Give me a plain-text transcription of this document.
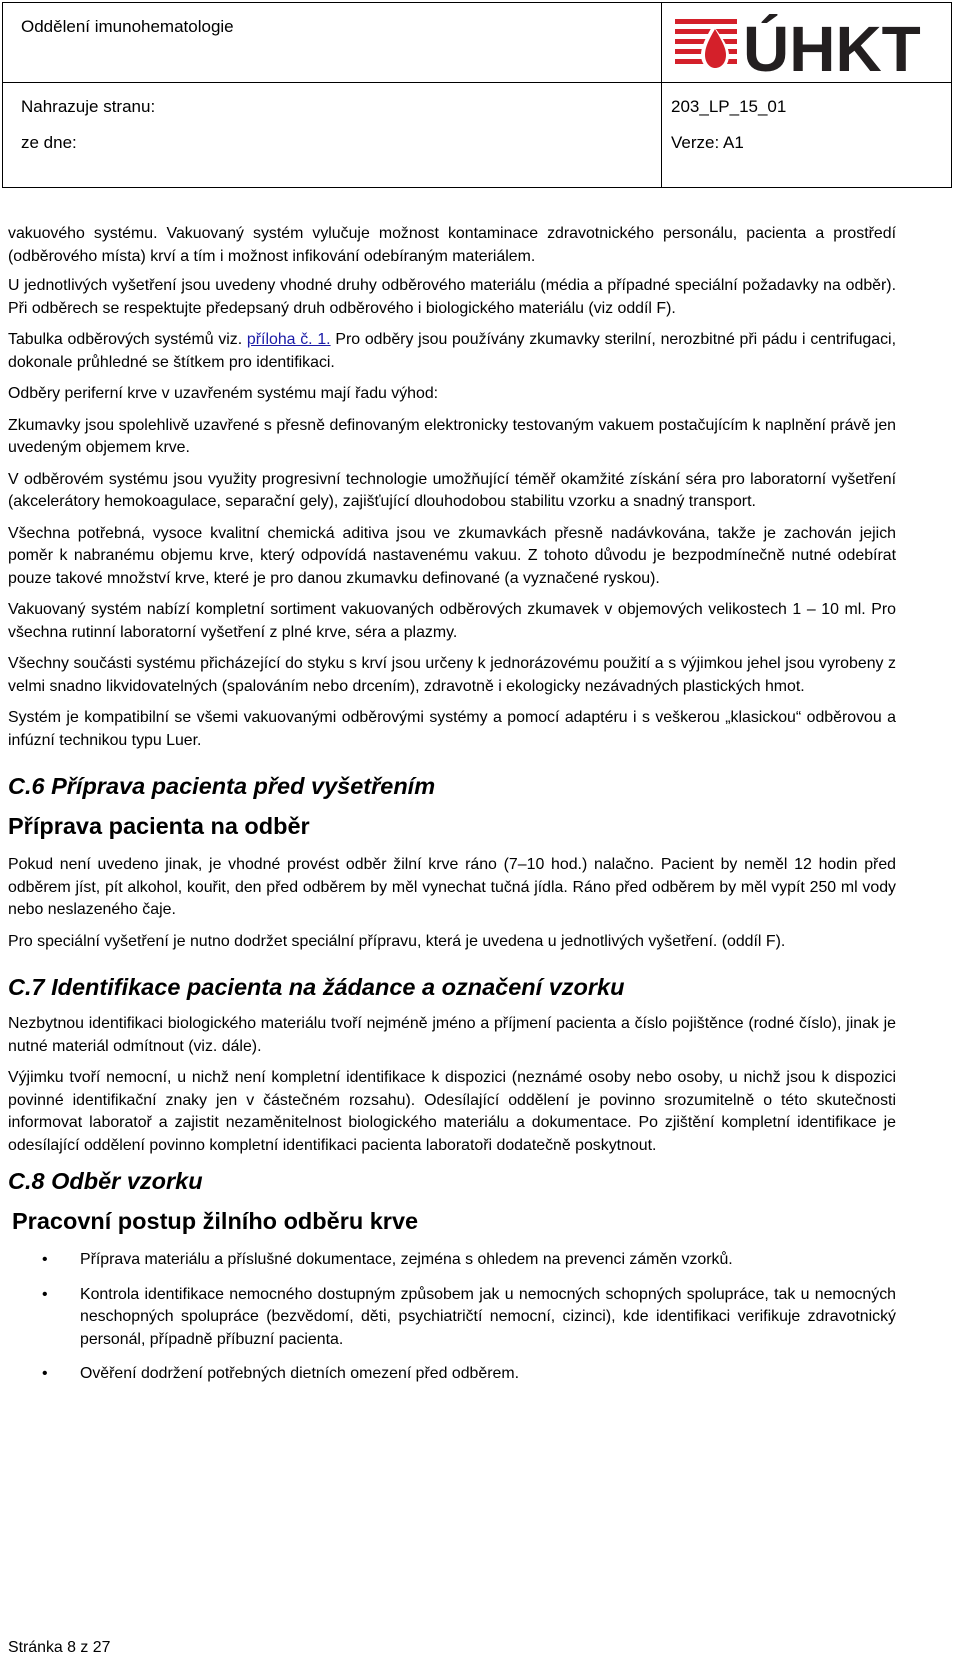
Oddělení imunohematologie
Nahrazuje stranu:
ze dne:
203_LP_15_01
Verze: A1
ÚHKT

vakuového systému. Vakuovaný systém vylučuje možnost kontaminace zdravotnického personálu, pacienta a prostředí (odběrového místa) krví a tím i možnost infikování odebíraným materiálem.

U jednotlivých vyšetření jsou uvedeny vhodné druhy odběrového materiálu (média a případné speciální požadavky na odběr). Při odběrech se respektujte předepsaný druh odběrového i biologického materiálu (viz oddíl F).

Tabulka odběrových systémů viz. příloha č. 1. Pro odběry jsou používány zkumavky sterilní, nerozbitné při pádu i centrifugaci, dokonale průhledné se štítkem pro identifikaci.

Odběry periferní krve v uzavřeném systému mají řadu výhod:

Zkumavky jsou spolehlivě uzavřené s přesně definovaným elektronicky testovaným vakuem postačujícím k naplnění právě jen uvedeným objemem krve.

V odběrovém systému jsou využity progresivní technologie umožňující téměř okamžité získání séra pro laboratorní vyšetření (akcelerátory hemokoagulace, separační gely), zajišťující dlouhodobou stabilitu vzorku a snadný transport.

Všechna potřebná, vysoce kvalitní chemická aditiva jsou ve zkumavkách přesně nadávkována, takže je zachován jejich poměr k nabranému objemu krve, který odpovídá nastavenému vakuu. Z tohoto důvodu je bezpodmínečně nutné odebírat pouze takové množství krve, které je pro danou zkumavku definované (a vyznačené ryskou).

Vakuovaný systém nabízí kompletní sortiment vakuovaných odběrových zkumavek v objemových velikostech 1 – 10 ml. Pro všechna rutinní laboratorní vyšetření z plné krve, séra a plazmy.

Všechny součásti systému přicházející do styku s krví jsou určeny k jednorázovému použití a s výjimkou jehel jsou vyrobeny z velmi snadno likvidovatelných (spalováním nebo drcením), zdravotně i ekologicky nezávadných plastických hmot.

Systém je kompatibilní se všemi vakuovanými odběrovými systémy a pomocí adaptéru i s veškerou „klasickou“ odběrovou a infúzní technikou typu Luer.

C.6 Příprava pacienta před vyšetřením
Příprava pacienta na odběr

Pokud není uvedeno jinak, je vhodné provést odběr žilní krve ráno (7–10 hod.) nalačno. Pacient by neměl 12 hodin před odběrem jíst, pít alkohol, kouřit, den před odběrem by měl vynechat tučná jídla. Ráno před odběrem by měl vypít 250 ml vody nebo neslazeného čaje.

Pro speciální vyšetření je nutno dodržet speciální přípravu, která je uvedena u jednotlivých vyšetření. (oddíl F).

C.7 Identifikace pacienta na žádance a označení vzorku

Nezbytnou identifikaci biologického materiálu tvoří nejméně jméno a příjmení pacienta a číslo pojištěnce (rodné číslo), jinak je nutné materiál odmítnout (viz. dále).

Výjimku tvoří nemocní, u nichž není kompletní identifikace k dispozici (neznámé osoby nebo osoby, u nichž jsou k dispozici povinné identifikační znaky jen v částečném rozsahu). Odesílající oddělení je povinno srozumitelně o této skutečnosti informovat laboratoř a zajistit nezaměnitelnost biologického materiálu a dokumentace. Po zjištění kompletní identifikace je odesílající oddělení povinno kompletní identifikaci pacienta laboratoři dodatečně poskytnout.

C.8 Odběr vzorku
Pracovní postup žilního odběru krve
• Příprava materiálu a příslušné dokumentace, zejména s ohledem na prevenci záměn vzorků.
• Kontrola identifikace nemocného dostupným způsobem jak u nemocných schopných spolupráce, tak u nemocných neschopných spolupráce (bezvědomí, děti, psychiatričtí nemocní, cizinci), kde identifikaci verifikuje zdravotnický personál, případně příbuzní pacienta.
• Ověření dodržení potřebných dietních omezení před odběrem.
Stránka 8 z 27
